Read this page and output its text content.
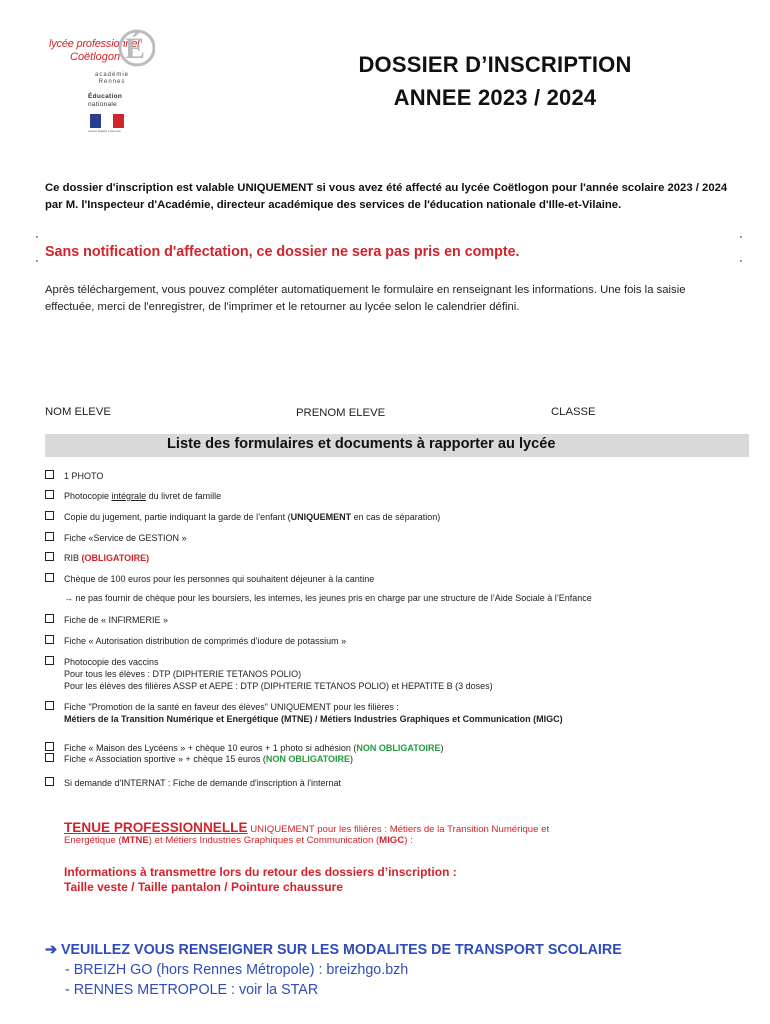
lycée professionnel
Coëtlogon É
académie
Rennes
Éducation
nationale
Liberté Égalité Fraternité
DOSSIER D’INSCRIPTION
ANNEE 2023 / 2024
Ce dossier d'inscription est valable UNIQUEMENT si vous avez été affecté au lycée Coëtlogon pour l'année scolaire 2023 / 2024 par M. l'Inspecteur d'Académie, directeur académique des services de l'éducation nationale d'Ille-et-Vilaine.
Sans notification d'affectation, ce dossier ne sera pas pris en compte.
Après téléchargement, vous pouvez compléter automatiquement le formulaire en renseignant les informations. Une fois la saisie effectuée, merci de l'enregistrer, de l'imprimer et le retourner au lycée selon le calendrier défini.
NOM ELEVE	PRENOM ELEVE	CLASSE
Liste des formulaires et documents à rapporter au lycée
1 PHOTO
Photocopie intégrale du livret de famille
Copie du jugement, partie indiquant la garde de l’enfant (UNIQUEMENT en cas de séparation)
Fiche «Service de GESTION »
RIB (OBLIGATOIRE)
Chèque de 100 euros pour les personnes qui souhaitent déjeuner à la cantine
→ ne pas fournir de chèque pour les boursiers, les internes, les jeunes pris en charge par une structure de l’Aide Sociale à l’Enfance
Fiche de « INFIRMERIE »
Fiche « Autorisation distribution de comprimés d’iodure de potassium »
Photocopie des vaccins
Pour tous les élèves : DTP (DIPHTERIE TETANOS POLIO)
Pour les élèves des filières ASSP et AEPE : DTP (DIPHTERIE TETANOS POLIO) et HEPATITE B (3 doses)
Fiche "Promotion de la santé en faveur des élèves" UNIQUEMENT pour les filières :
Métiers de la Transition Numérique et Energétique (MTNE) / Métiers Industries Graphiques et Communication (MIGC)
Fiche « Maison des Lycéens » + chèque 10 euros + 1 photo si adhésion (NON OBLIGATOIRE)
Fiche « Association sportive » + chèque 15 euros (NON OBLIGATOIRE)
Si demande d'INTERNAT : Fiche de demande d'inscription à l'internat
TENUE PROFESSIONNELLE UNIQUEMENT pour les filières : Métiers de la Transition Numérique et
Energétique (MTNE) et Métiers Industries Graphiques et Communication (MIGC) :
Informations à transmettre lors du retour des dossiers d’inscription :
Taille veste / Taille pantalon / Pointure chaussure
➔ VEUILLEZ VOUS RENSEIGNER SUR LES MODALITES DE TRANSPORT SCOLAIRE
- BREIZH GO (hors Rennes Métropole) : breizhgo.bzh
- RENNES METROPOLE : voir la STAR
